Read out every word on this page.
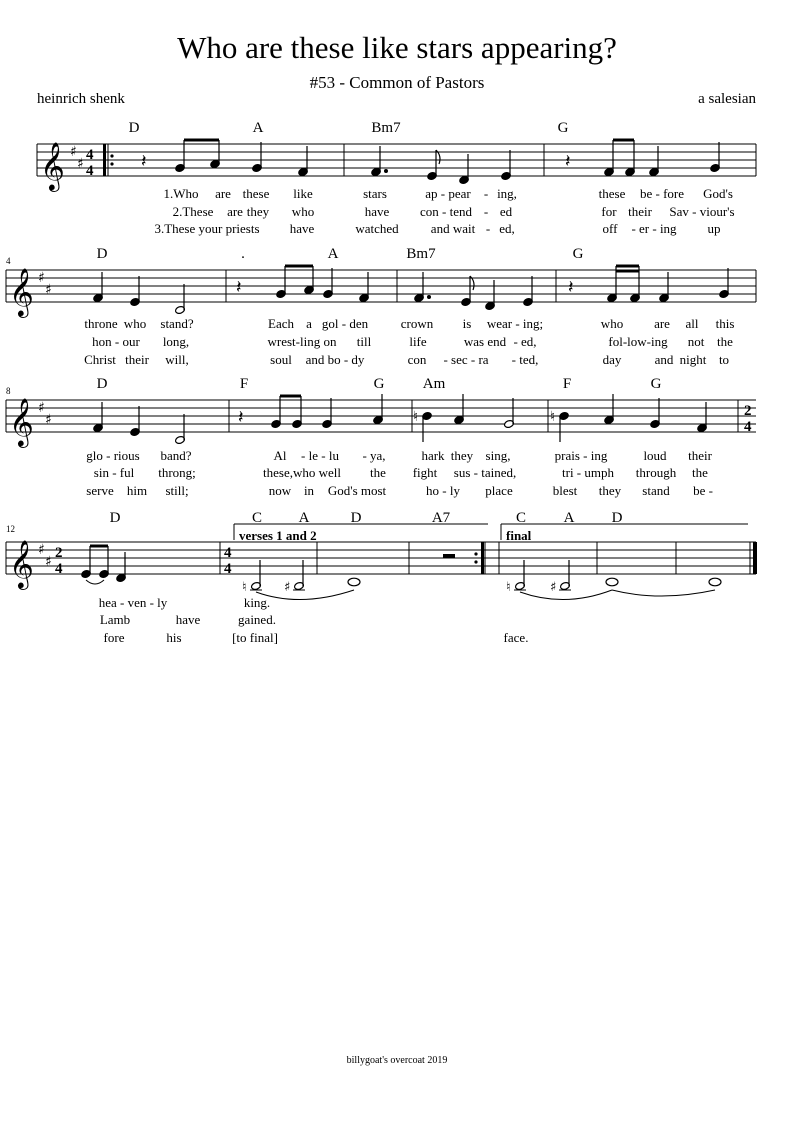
Who are these like stars appearing?
#53 - Common of Pastors
heinrich shenk	a salesian
D	A	Bm7	G
𝄞 ♯
♯
4
4	𝄽	𝄽
1.Who are these like	stars	ap - pear - ing,	these be - fore God's
2.These are they who	have con - tend - ed	for their Sav - viour's
3.These your priests have	watched and wait - ed,	off - er - ing up
4	D	.	A	Bm7	G
𝄞 ♯
♯	𝄽	𝄽
throne who stand?	Each a gol - den	crown is wear - ing;	who are all this
hon - our long,	wrest-ling on till	life	was end - ed,	fol-low-ing not the
Christ their will,	soul and bo - dy	con - sec - ra - ted,	day	and night to
8	D	F	G	Am	F	G
𝄞 ♯
♯
2
4
♮	♮
𝄽
glo - rious band?	Al - le - lu - ya,	hark they sing,	prais - ing	loud their
sin - ful throng;	these,who well the fight sus - tained,	tri - umph through the
serve him still;	now in God's most	ho - ly place	blest they stand be -
12
D	C A	D	A7	C	A D
verses 1 and 2	final
𝄞 ♯
♯
2
4
4
4
♮	♯	♮	♯
hea - ven - ly	king.
Lamb	have	gained.
fore	his	[to final]	face.
billygoat's overcoat 2019
